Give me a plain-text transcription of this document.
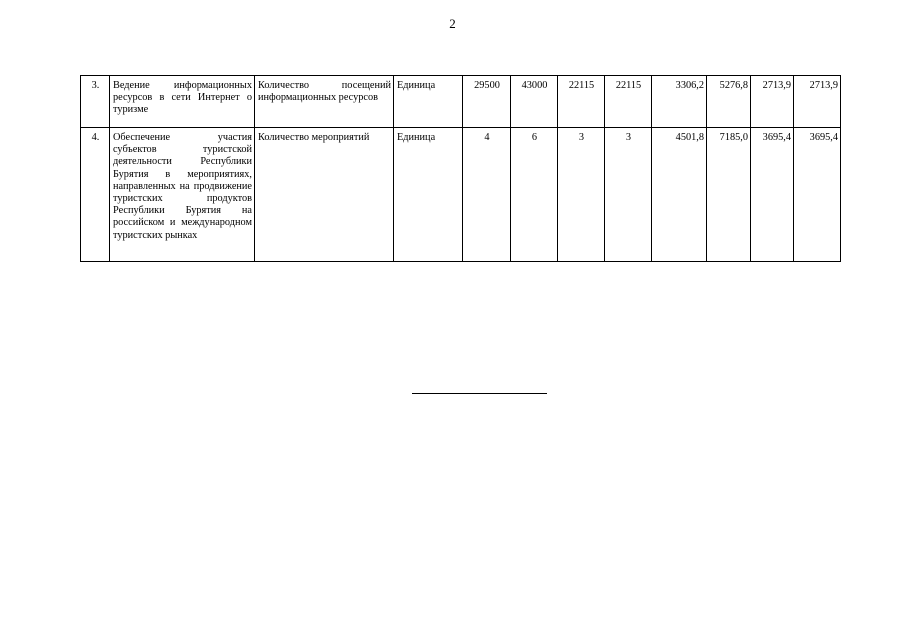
2
3.	Ведение информационных ресурсов в сети Интернет о туризме	Количество посещений информационных ресурсов	Единица	29500	43000	22115	22115	3306,2	5276,8	2713,9	2713,9
4.	Обеспечение участия субъектов туристской деятельности Республики Бурятия в мероприятиях, направленных на продвижение туристских продуктов Республики Бурятия на российском и международном туристских рынках	Количество мероприятий	Единица	4	6	3	3	4501,8	7185,0	3695,4	3695,4
